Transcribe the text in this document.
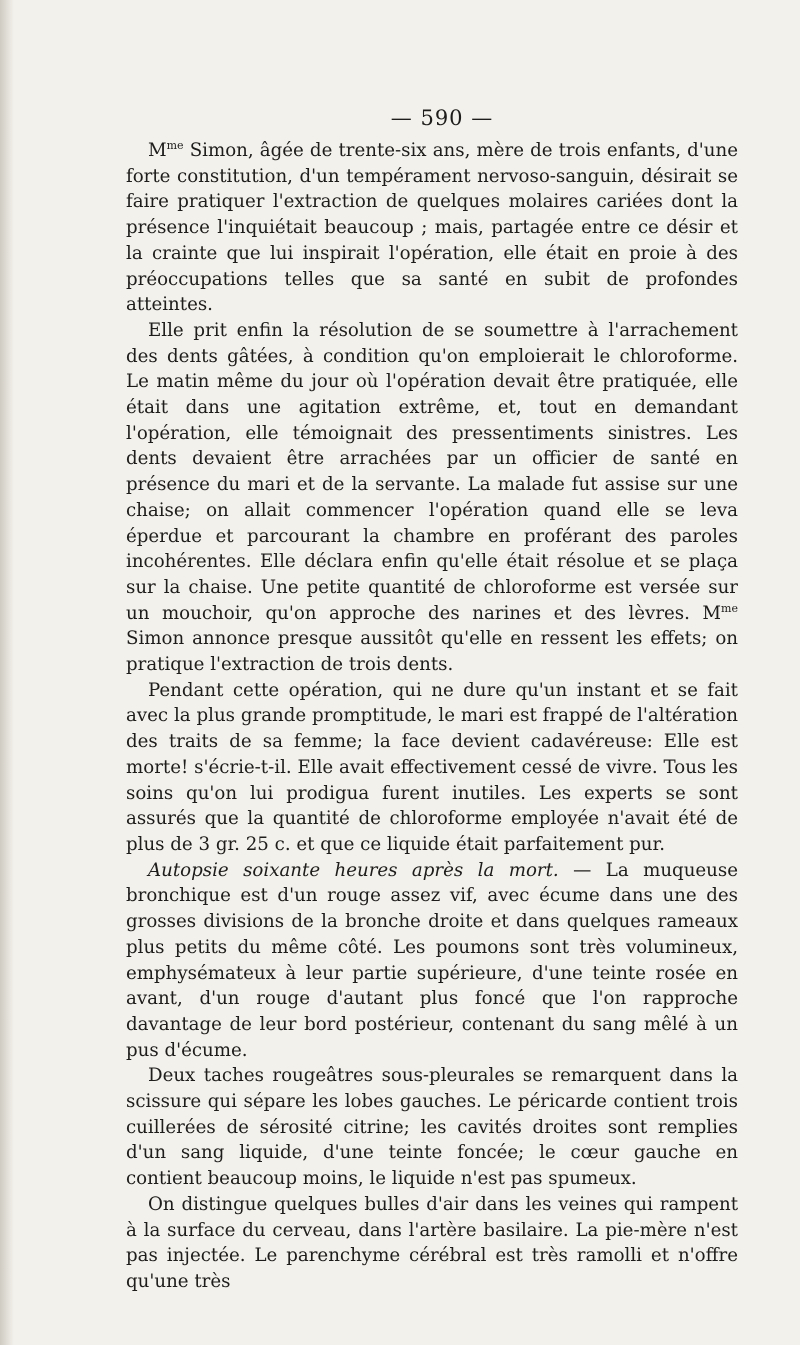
— 590 —

$M^{me}$ Simon, âgée de trente-six ans, mère de trois enfants, d'une forte constitution, d'un tempérament nervoso-sanguin, désirait se faire pratiquer l'extraction de quelques molaires cariées dont la présence l'inquiétait beaucoup ; mais, partagée entre ce désir et la crainte que lui inspirait l'opération, elle était en proie à des préoccupations telles que sa santé en subit de profondes atteintes.

Elle prit enfin la résolution de se soumettre à l'arrachement des dents gâtées, à condition qu'on emploierait le chloroforme. Le matin même du jour où l'opération devait être pratiquée, elle était dans une agitation extrême, et, tout en demandant l'opération, elle témoignait des pressentiments sinistres. Les dents devaient être arrachées par un officier de santé en présence du mari et de la servante. La malade fut assise sur une chaise; on allait commencer l'opération quand elle se leva éperdue et parcourant la chambre en proférant des paroles incohérentes. Elle déclara enfin qu'elle était résolue et se plaça sur la chaise. Une petite quantité de chloroforme est versée sur un mouchoir, qu'on approche des narines et des lèvres. $M^{me}$ Simon annonce presque aussitôt qu'elle en ressent les effets; on pratique l'extraction de trois dents.

Pendant cette opération, qui ne dure qu'un instant et se fait avec la plus grande promptitude, le mari est frappé de l'altération des traits de sa femme; la face devient cadavéreuse: Elle est morte! s'écrie-t-il. Elle avait effectivement cessé de vivre. Tous les soins qu'on lui prodigua furent inutiles. Les experts se sont assurés que la quantité de chloroforme employée n'avait été de plus de 3 gr. 25 c. et que ce liquide était parfaitement pur.

Autopsie soixante heures après la mort. — La muqueuse bronchique est d'un rouge assez vif, avec écume dans une des grosses divisions de la bronche droite et dans quelques rameaux plus petits du même côté. Les poumons sont très volumineux, emphysémateux à leur partie supérieure, d'une teinte rosée en avant, d'un rouge d'autant plus foncé que l'on rapproche davantage de leur bord postérieur, contenant du sang mêlé à un pus d'écume.

Deux taches rougeâtres sous-pleurales se remarquent dans la scissure qui sépare les lobes gauches. Le péricarde contient trois cuillerées de sérosité citrine; les cavités droites sont remplies d'un sang liquide, d'une teinte foncée; le cœur gauche en contient beaucoup moins, le liquide n'est pas spumeux.

On distingue quelques bulles d'air dans les veines qui rampent à la surface du cerveau, dans l'artère basilaire. La pie-mère n'est pas injectée. Le parenchyme cérébral est très ramolli et n'offre qu'une très
